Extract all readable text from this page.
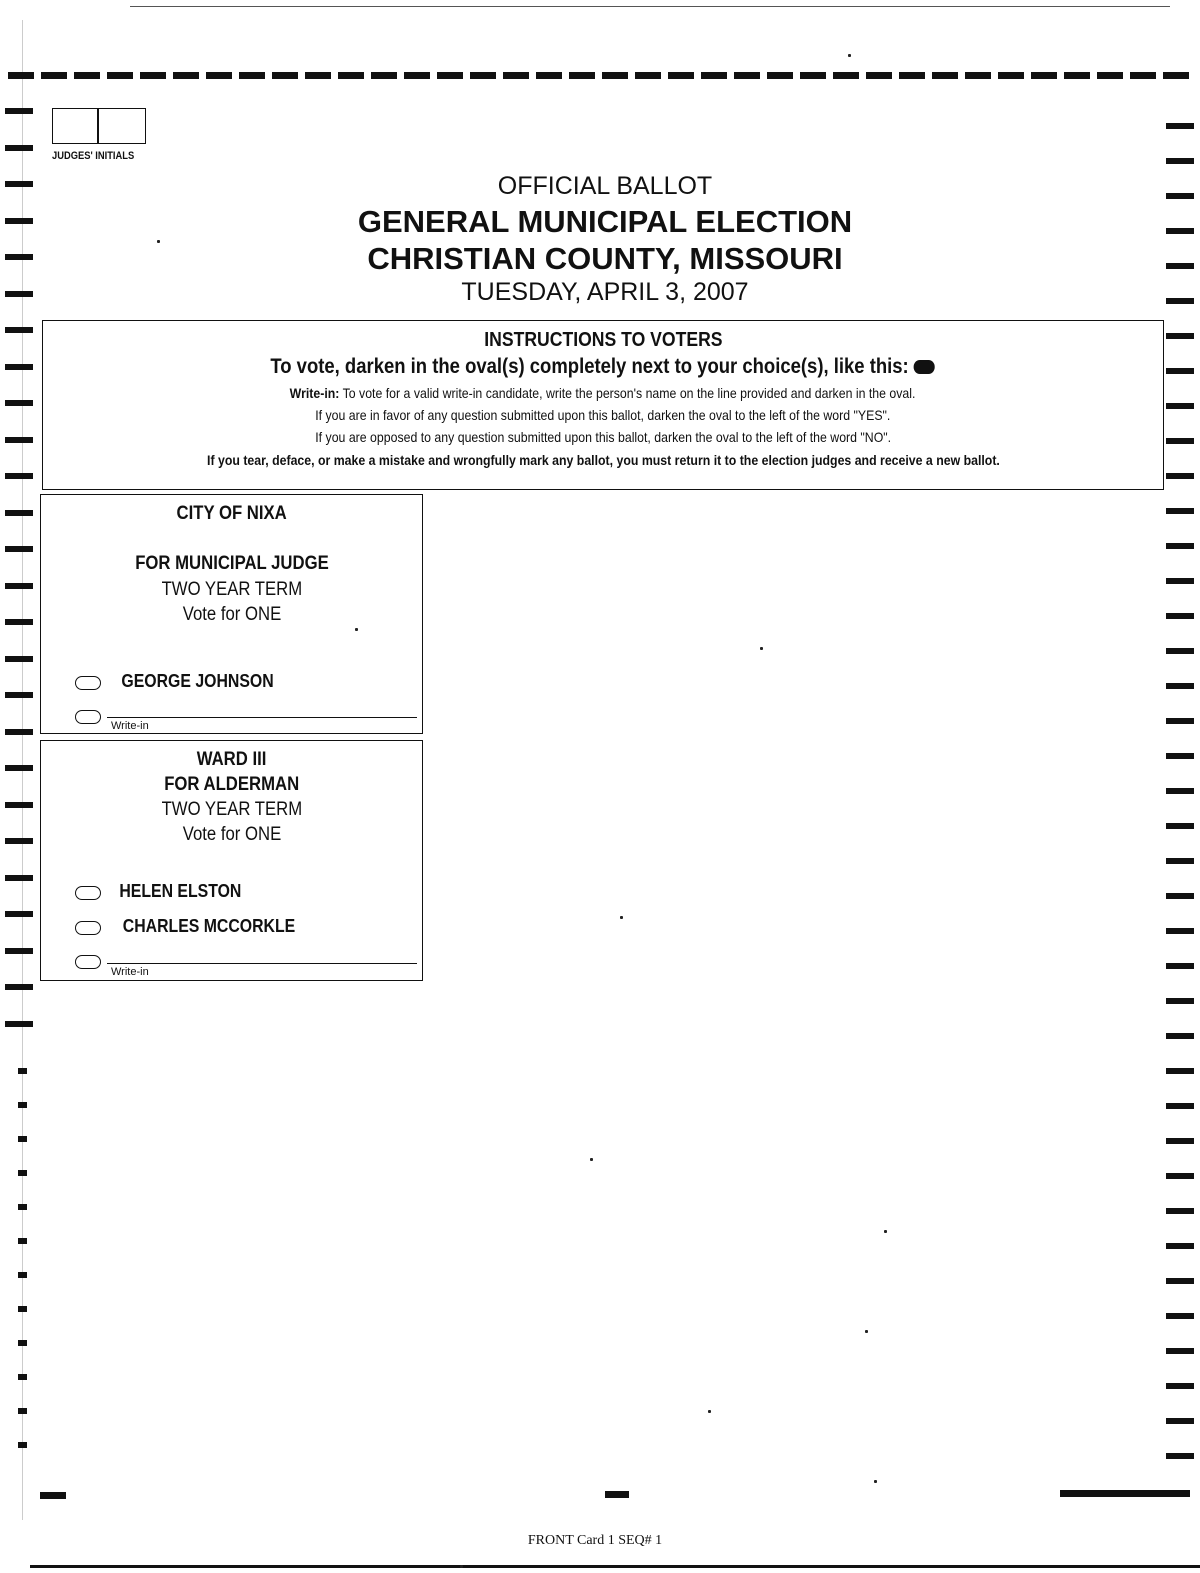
JUDGES' INITIALS
OFFICIAL BALLOT
GENERAL MUNICIPAL ELECTION
CHRISTIAN COUNTY, MISSOURI
TUESDAY, APRIL 3, 2007
INSTRUCTIONS TO VOTERS
To vote, darken in the oval(s) completely next to your choice(s), like this:
Write-in: To vote for a valid write-in candidate, write the person's name on the line provided and darken in the oval.
If you are in favor of any question submitted upon this ballot, darken the oval to the left of the word "YES".
If you are opposed to any question submitted upon this ballot, darken the oval to the left of the word "NO".
If you tear, deface, or make a mistake and wrongfully mark any ballot, you must return it to the election judges and receive a new ballot.
CITY OF NIXA
FOR MUNICIPAL JUDGE
TWO YEAR TERM
Vote for ONE
GEORGE JOHNSON
Write-in
WARD III
FOR ALDERMAN
TWO YEAR TERM
Vote for ONE
HELEN ELSTON
CHARLES MCCORKLE
Write-in
FRONT Card 1 SEQ# 1
